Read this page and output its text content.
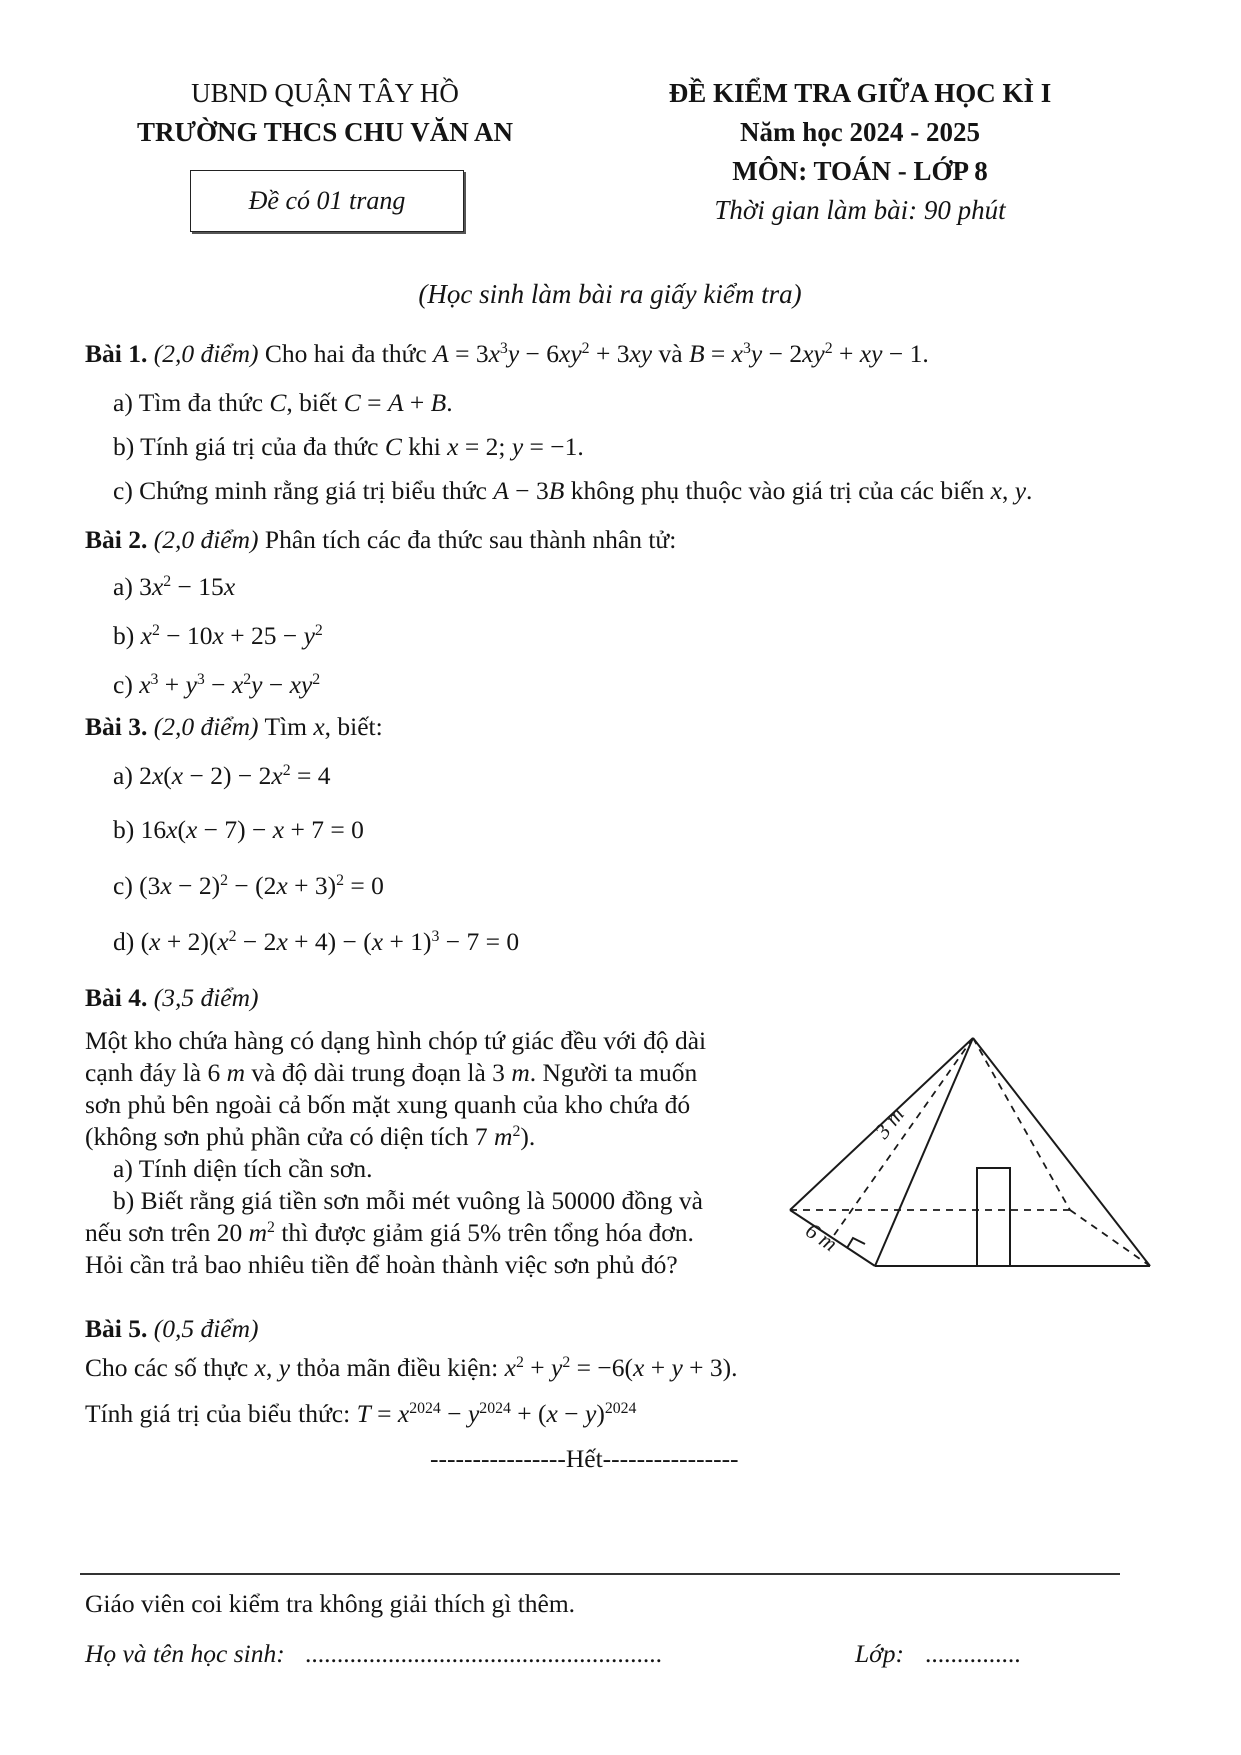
UBND QUẬN TÂY HỒ
TRƯỜNG THCS CHU VĂN AN
Đề có 01 trang
ĐỀ KIỂM TRA GIỮA HỌC KÌ I
Năm học 2024 - 2025
MÔN: TOÁN - LỚP 8
Thời gian làm bài: 90 phút
(Học sinh làm bài ra giấy kiểm tra)
Bài 1. (2,0 điểm) Cho hai đa thức $A = 3x^3y - 6xy^2 + 3xy$ và $B = x^3y - 2xy^2$ + xy − 1.
a) Tìm đa thức C, biết C = A + B.
b) Tính giá trị của đa thức C khi x = 2; y = −1.
c) Chứng minh rằng giá trị biểu thức A − 3B không phụ thuộc vào giá trị của các biến x, y.
Bài 2. (2,0 điểm) Phân tích các đa thức sau thành nhân tử:
a) $3x^2 - 15x$
b) $x^2 - 10x + 25 - y^2$
c) $x^3 + y^3 - x^2y - xy^2$
Bài 3. (2,0 điểm) Tìm x, biết:
a) $2x(x - 2) - 2x^2 = 4$
b) 16x(x − 7) − x + 7 = 0
c) $(3x - 2)^2 - (2x + 3)^2 = 0$
d) $(x + 2)(x^2 - 2x + 4) - (x + 1)^3 - 7 = 0$
Bài 4. (3,5 điểm)
Một kho chứa hàng có dạng hình chóp tứ giác đều với độ dài
cạnh đáy là 6 m và độ dài trung đoạn là 3 m. Người ta muốn
sơn phủ bên ngoài cả bốn mặt xung quanh của kho chứa đó
(không sơn phủ phần cửa có diện tích 7 $m^2$).
a) Tính diện tích cần sơn.
b) Biết rằng giá tiền sơn mỗi mét vuông là 50000 đồng và
nếu sơn trên 20 $m^2$ thì được giảm giá 5% trên tổng hóa đơn.
Hỏi cần trả bao nhiêu tiền để hoàn thành việc sơn phủ đó?
3 m
6 m
Bài 5. (0,5 điểm)
Cho các số thực x, y thỏa mãn điều kiện: $x^2 + y^2 = -6(x + y + 3)$.
Tính giá trị của biểu thức: $T = x^{2024} - y^{2024} + (x - y)^{2024}$
----------------Hết----------------
Giáo viên coi kiểm tra không giải thích gì thêm.
Họ và tên học sinh: ........................................................	Lớp: ...............
